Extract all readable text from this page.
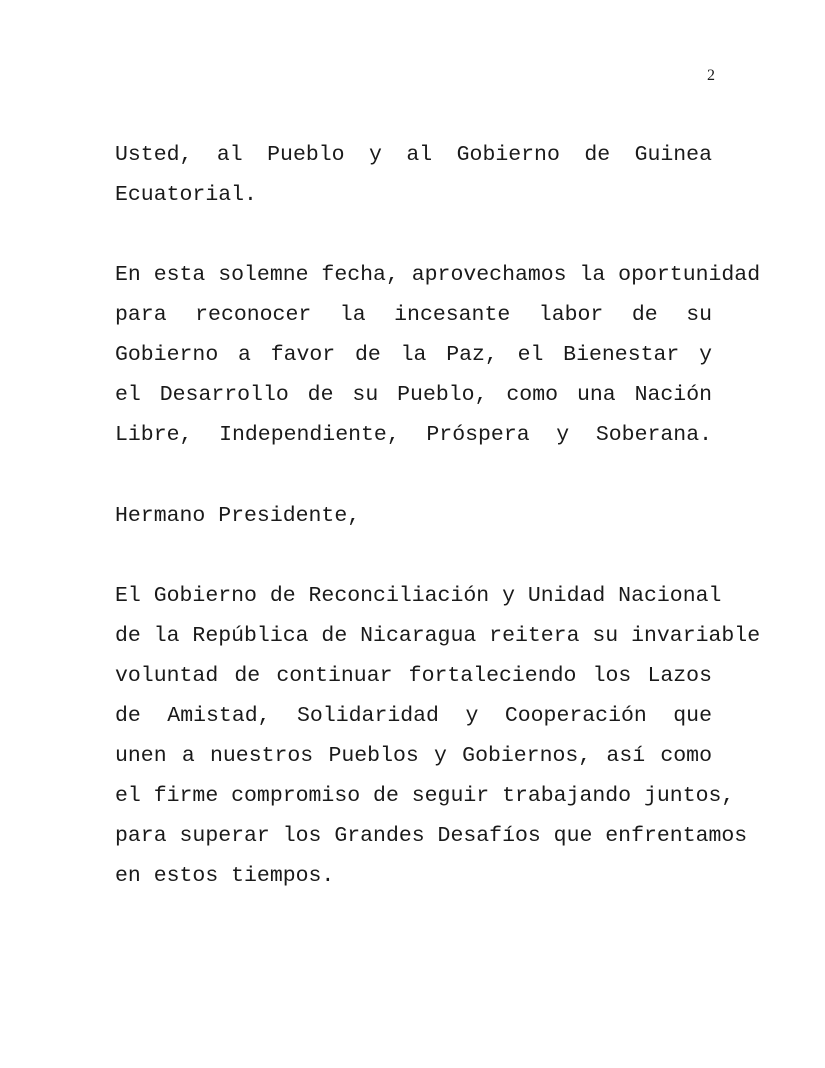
2
Usted, al Pueblo y al Gobierno de Guinea
Ecuatorial.
En esta solemne fecha, aprovechamos la oportunidad
para reconocer la incesante labor de su
Gobierno a favor de la Paz, el Bienestar y
el Desarrollo de su Pueblo, como una Nación
Libre, Independiente, Próspera y Soberana.
Hermano Presidente,
El Gobierno de Reconciliación y Unidad Nacional
de la República de Nicaragua reitera su invariable
voluntad de continuar fortaleciendo los Lazos
de Amistad, Solidaridad y Cooperación que
unen a nuestros Pueblos y Gobiernos, así como
el firme compromiso de seguir trabajando juntos,
para superar los Grandes Desafíos que enfrentamos
en estos tiempos.
